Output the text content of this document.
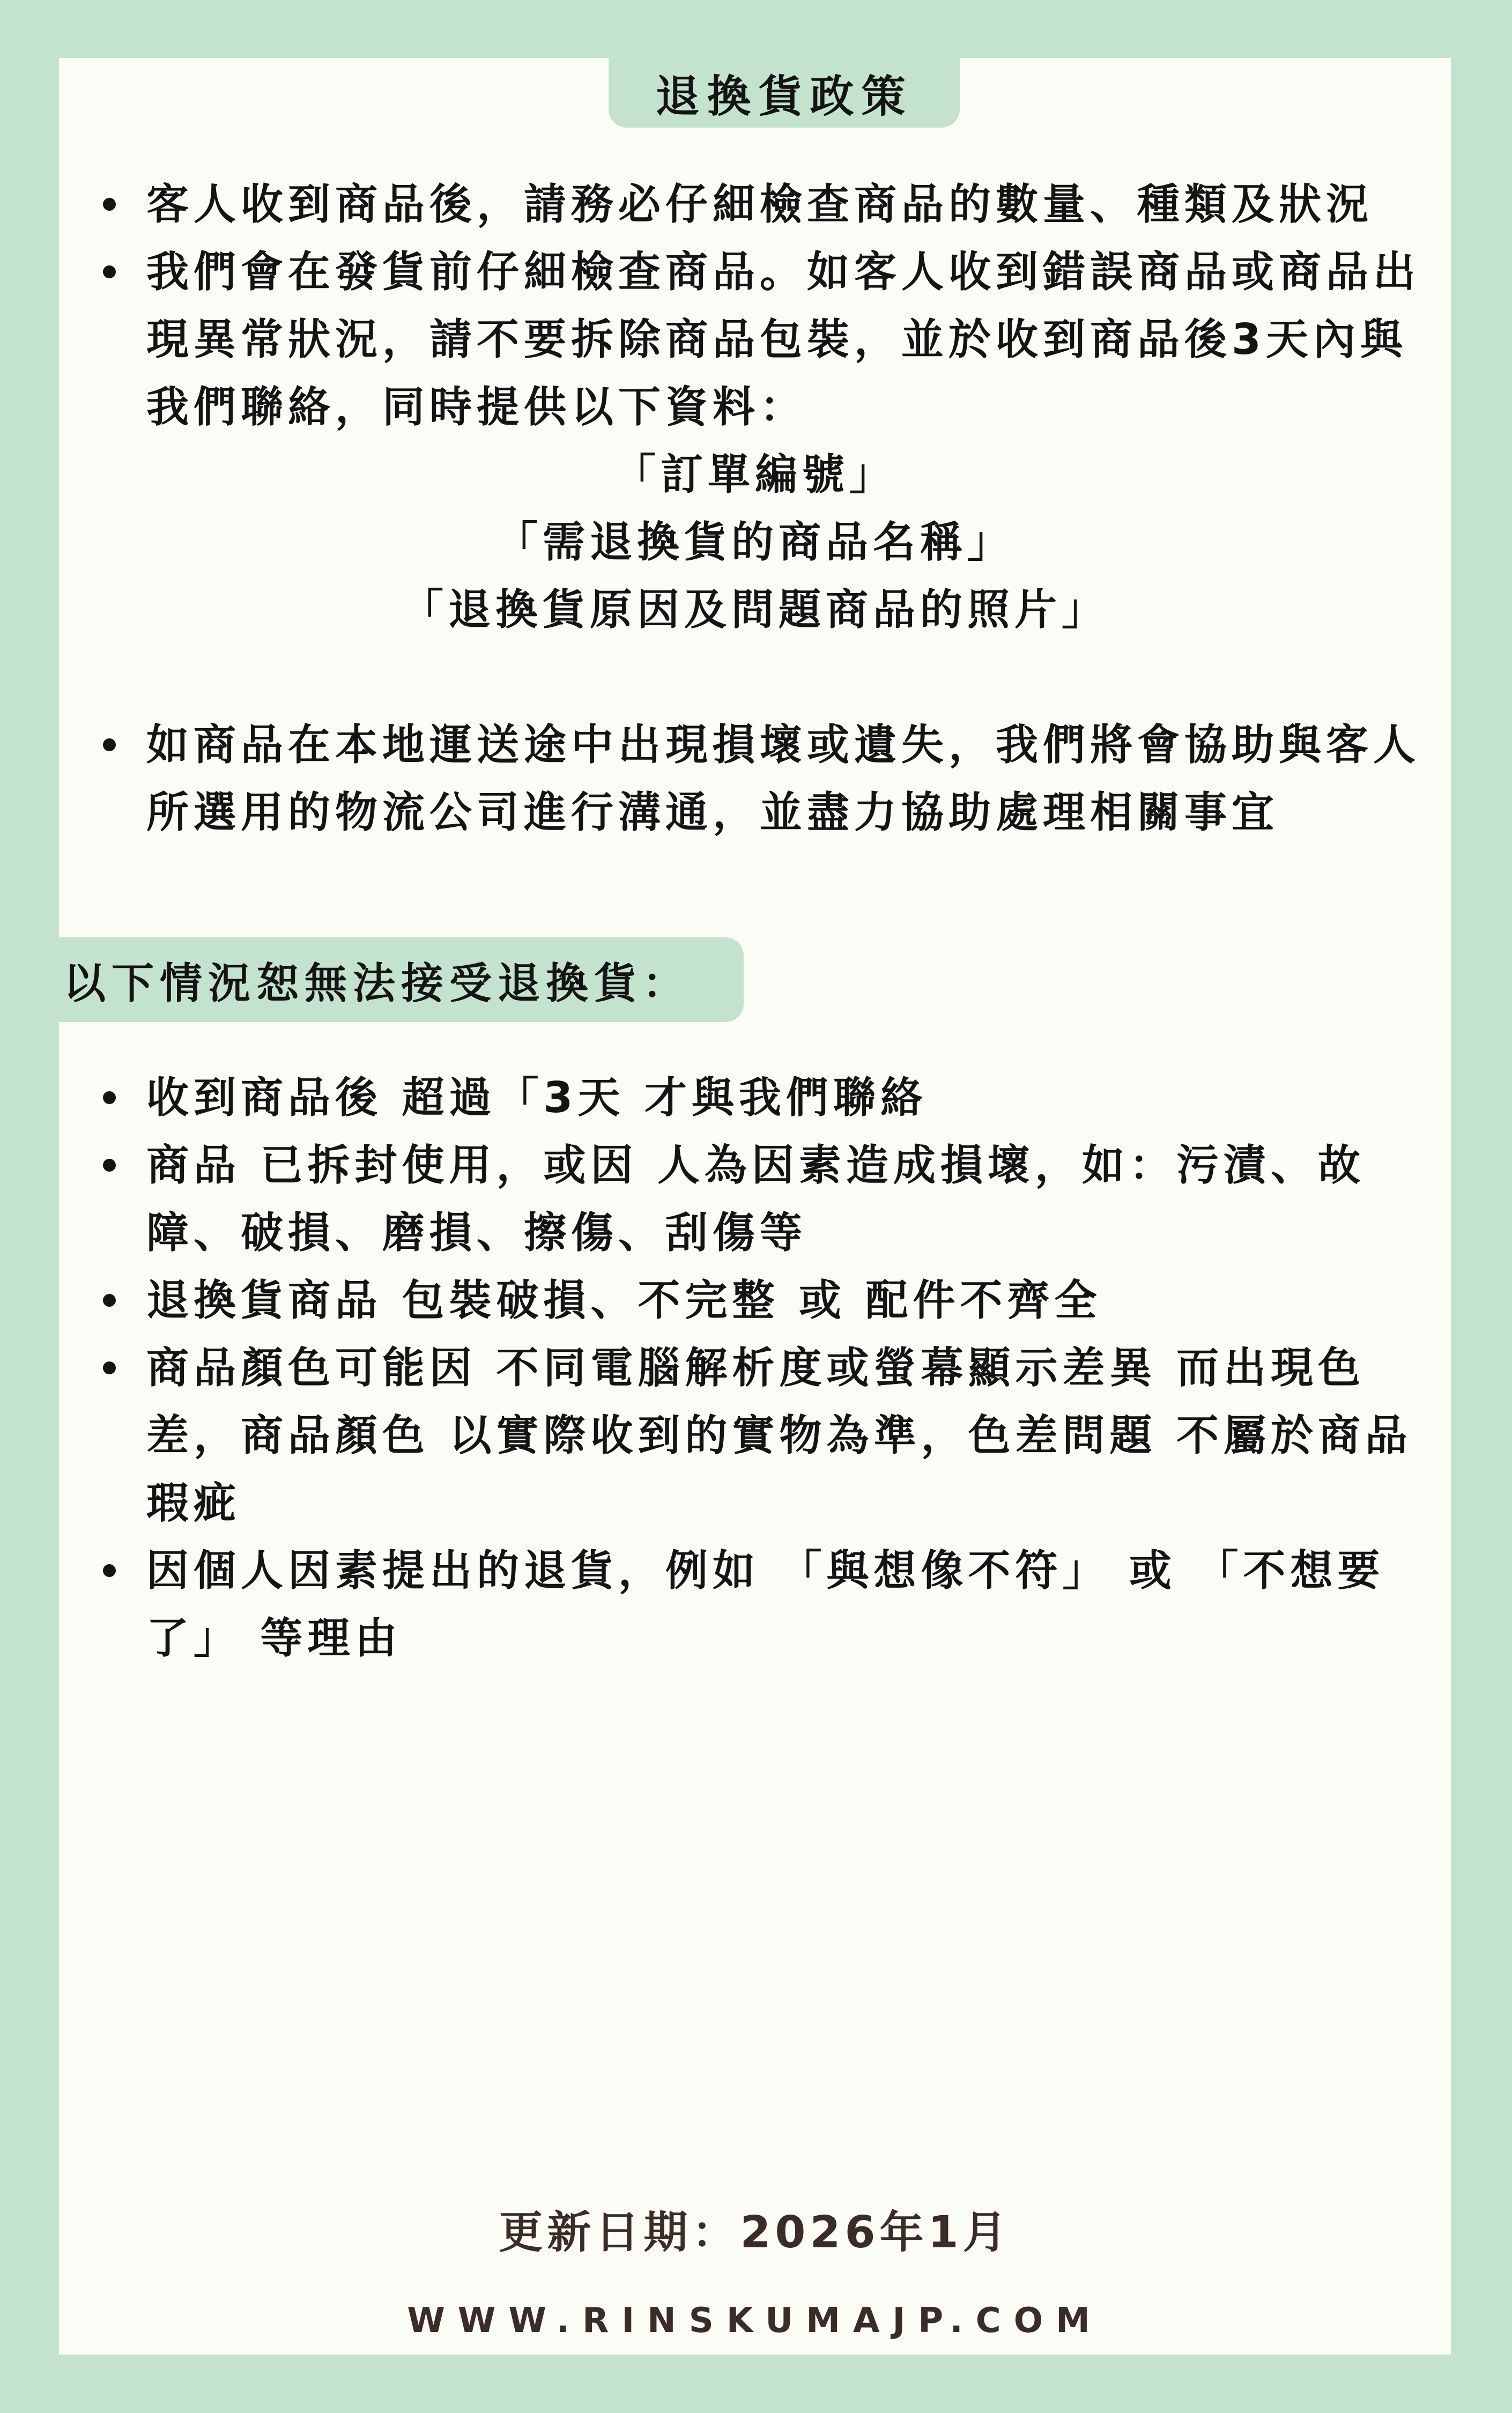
退換貨政策
客人收到商品後，請務必仔細檢查商品的數量、種類及狀況
我們會在發貨前仔細檢查商品。如客人收到錯誤商品或商品出現異常狀況，請不要拆除商品包裝，並於收到商品後3天內與我們聯絡，同時提供以下資料：
「訂單編號」
「需退換貨的商品名稱」
「退換貨原因及問題商品的照片」
如商品在本地運送途中出現損壞或遺失，我們將會協助與客人所選用的物流公司進行溝通，並盡力協助處理相關事宜
以下情況恕無法接受退換貨：
收到商品後 超過「3天 才與我們聯絡
商品 已拆封使用，或因 人為因素造成損壞，如：污漬、故障、破損、磨損、擦傷、刮傷等
退換貨商品 包裝破損、不完整 或 配件不齊全
商品顏色可能因 不同電腦解析度或螢幕顯示差異 而出現色差，商品顏色 以實際收到的實物為準，色差問題 不屬於商品瑕疵
因個人因素提出的退貨，例如 「與想像不符」 或 「不想要了」 等理由
更新日期：2026年1月
WWW.RINSKUMAJP.COM
